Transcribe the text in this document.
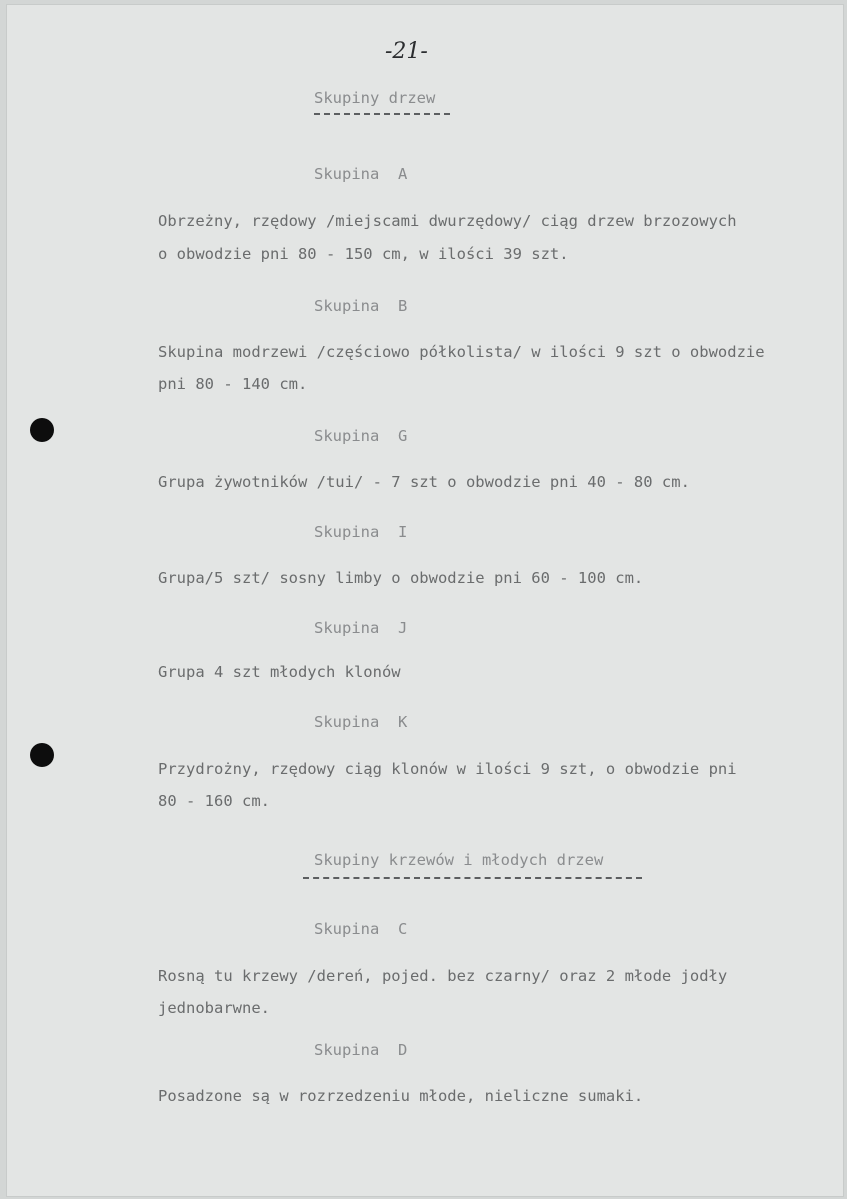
-21-
Skupiny drzew
Skupina  A
Obrzeżny, rzędowy /miejscami dwurzędowy/ ciąg drzew brzozowych
o obwodzie pni 80 - 150 cm, w ilości 39 szt.
Skupina  B
Skupina modrzewi /częściowo półkolista/ w ilości 9 szt o obwodzie
pni 80 - 140 cm.
Skupina  G
Grupa żywotników /tui/ - 7 szt o obwodzie pni 40 - 80 cm.
Skupina  I
Grupa/5 szt/ sosny limby o obwodzie pni 60 - 100 cm.
Skupina  J
Grupa 4 szt młodych klonów
Skupina  K
Przydrożny, rzędowy ciąg klonów w ilości 9 szt, o obwodzie pni
80 - 160 cm.
Skupiny krzewów i młodych drzew
Skupina  C
Rosną tu krzewy /dereń, pojed. bez czarny/ oraz 2 młode jodły
jednobarwne.
Skupina  D
Posadzone są w rozrzedzeniu młode, nieliczne sumaki.
